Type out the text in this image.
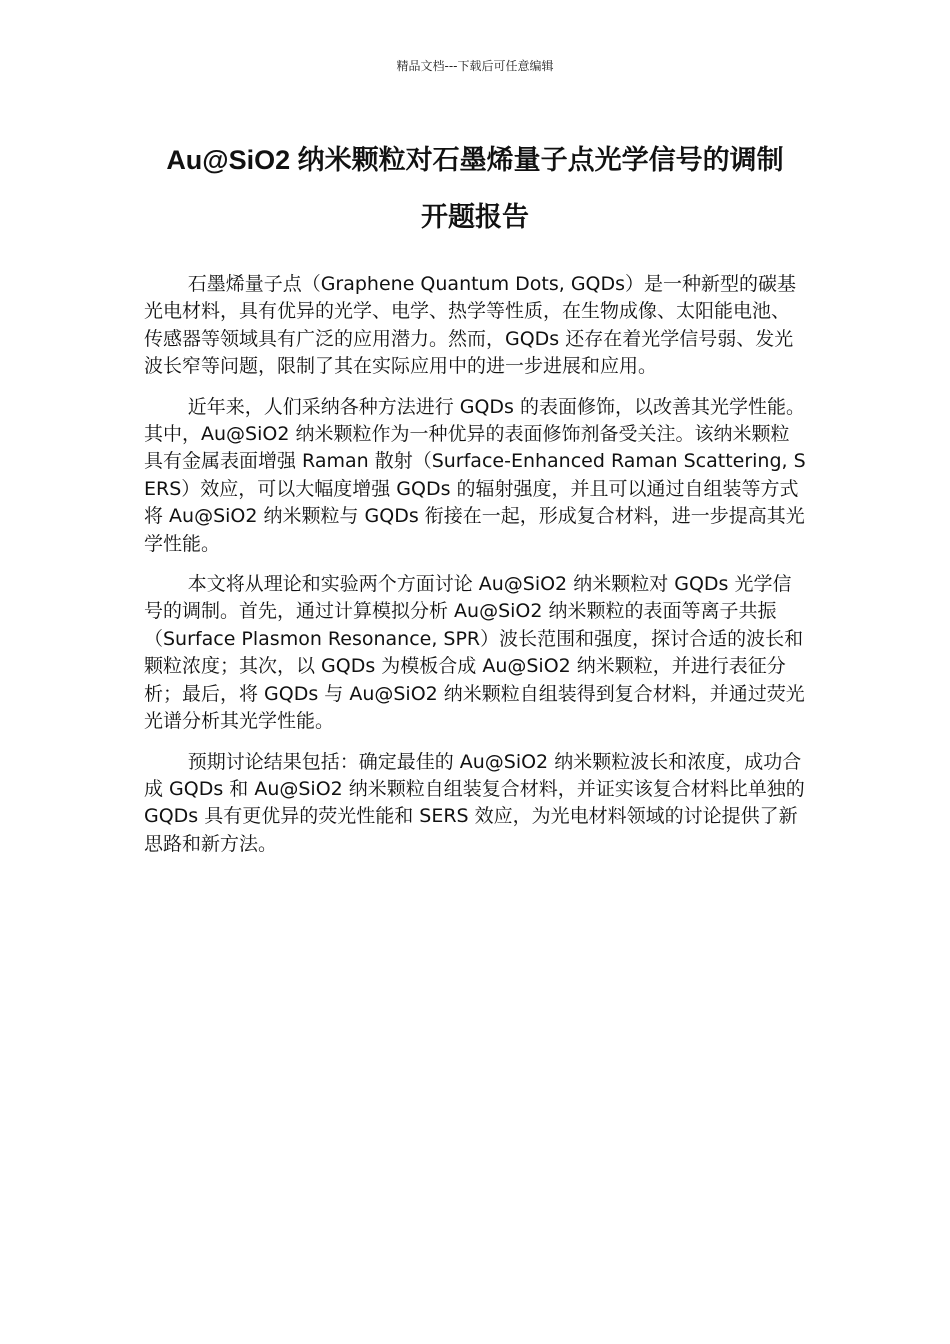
精品文档---下载后可任意编辑
Au@SiO2 纳米颗粒对石墨烯量子点光学信号的调制
开题报告

石墨烯量子点（Graphene Quantum Dots, GQDs）是一种新型的碳基光电材料，具有优异的光学、电学、热学等性质，在生物成像、太阳能电池、传感器等领域具有广泛的应用潜力。然而，GQDs 还存在着光学信号弱、发光波长窄等问题，限制了其在实际应用中的进一步进展和应用。

近年来，人们采纳各种方法进行 GQDs 的表面修饰，以改善其光学性能。其中，Au@SiO2 纳米颗粒作为一种优异的表面修饰剂备受关注。该纳米颗粒具有金属表面增强 Raman 散射（Surface-Enhanced Raman Scattering, SERS）效应，可以大幅度增强 GQDs 的辐射强度，并且可以通过自组装等方式将 Au@SiO2 纳米颗粒与 GQDs 衔接在一起，形成复合材料，进一步提高其光学性能。

本文将从理论和实验两个方面讨论 Au@SiO2 纳米颗粒对 GQDs 光学信号的调制。首先，通过计算模拟分析 Au@SiO2 纳米颗粒的表面等离子共振（Surface Plasmon Resonance, SPR）波长范围和强度，探讨合适的波长和颗粒浓度；其次，以 GQDs 为模板合成 Au@SiO2 纳米颗粒，并进行表征分析；最后，将 GQDs 与 Au@SiO2 纳米颗粒自组装得到复合材料，并通过荧光光谱分析其光学性能。

预期讨论结果包括：确定最佳的 Au@SiO2 纳米颗粒波长和浓度，成功合成 GQDs 和 Au@SiO2 纳米颗粒自组装复合材料，并证实该复合材料比单独的 GQDs 具有更优异的荧光性能和 SERS 效应，为光电材料领域的讨论提供了新思路和新方法。
